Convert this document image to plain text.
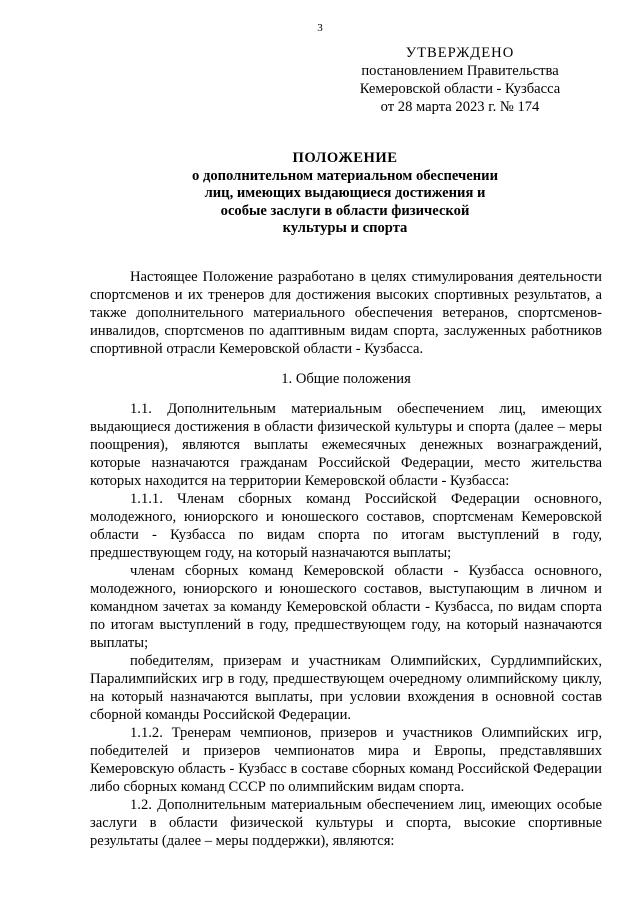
3
УТВЕРЖДЕНО
постановлением Правительства
Кемеровской области - Кузбасса
от 28 марта 2023 г. № 174
ПОЛОЖЕНИЕ
о дополнительном материальном обеспечении
лиц, имеющих выдающиеся достижения и
особые заслуги в области физической
культуры и спорта

Настоящее Положение разработано в целях стимулирования деятельности спортсменов и их тренеров для достижения высоких спортивных результатов, а также дополнительного материального обеспечения ветеранов, спортсменов-инвалидов, спортсменов по адаптивным видам спорта, заслуженных работников спортивной отрасли Кемеровской области - Кузбасса.

1. Общие положения

1.1. Дополнительным материальным обеспечением лиц, имеющих выдающиеся достижения в области физической культуры и спорта (далее – меры поощрения), являются выплаты ежемесячных денежных вознаграждений, которые назначаются гражданам Российской Федерации, место жительства которых находится на территории Кемеровской области - Кузбасса:

1.1.1. Членам сборных команд Российской Федерации основного, молодежного, юниорского и юношеского составов, спортсменам Кемеровской области - Кузбасса по видам спорта по итогам выступлений в году, предшествующем году, на который назначаются выплаты;

членам сборных команд Кемеровской области - Кузбасса основного, молодежного, юниорского и юношеского составов, выступающим в личном и командном зачетах за команду Кемеровской области - Кузбасса, по видам спорта по итогам выступлений в году, предшествующем году, на который назначаются выплаты;

победителям, призерам и участникам Олимпийских, Сурдлимпийских, Паралимпийских игр в году, предшествующем очередному олимпийскому циклу, на который назначаются выплаты, при условии вхождения в основной состав сборной команды Российской Федерации.

1.1.2. Тренерам чемпионов, призеров и участников Олимпийских игр, победителей и призеров чемпионатов мира и Европы, представлявших Кемеровскую область - Кузбасс в составе сборных команд Российской Федерации либо сборных команд СССР по олимпийским видам спорта.

1.2. Дополнительным материальным обеспечением лиц, имеющих особые заслуги в области физической культуры и спорта, высокие спортивные результаты (далее – меры поддержки), являются:
